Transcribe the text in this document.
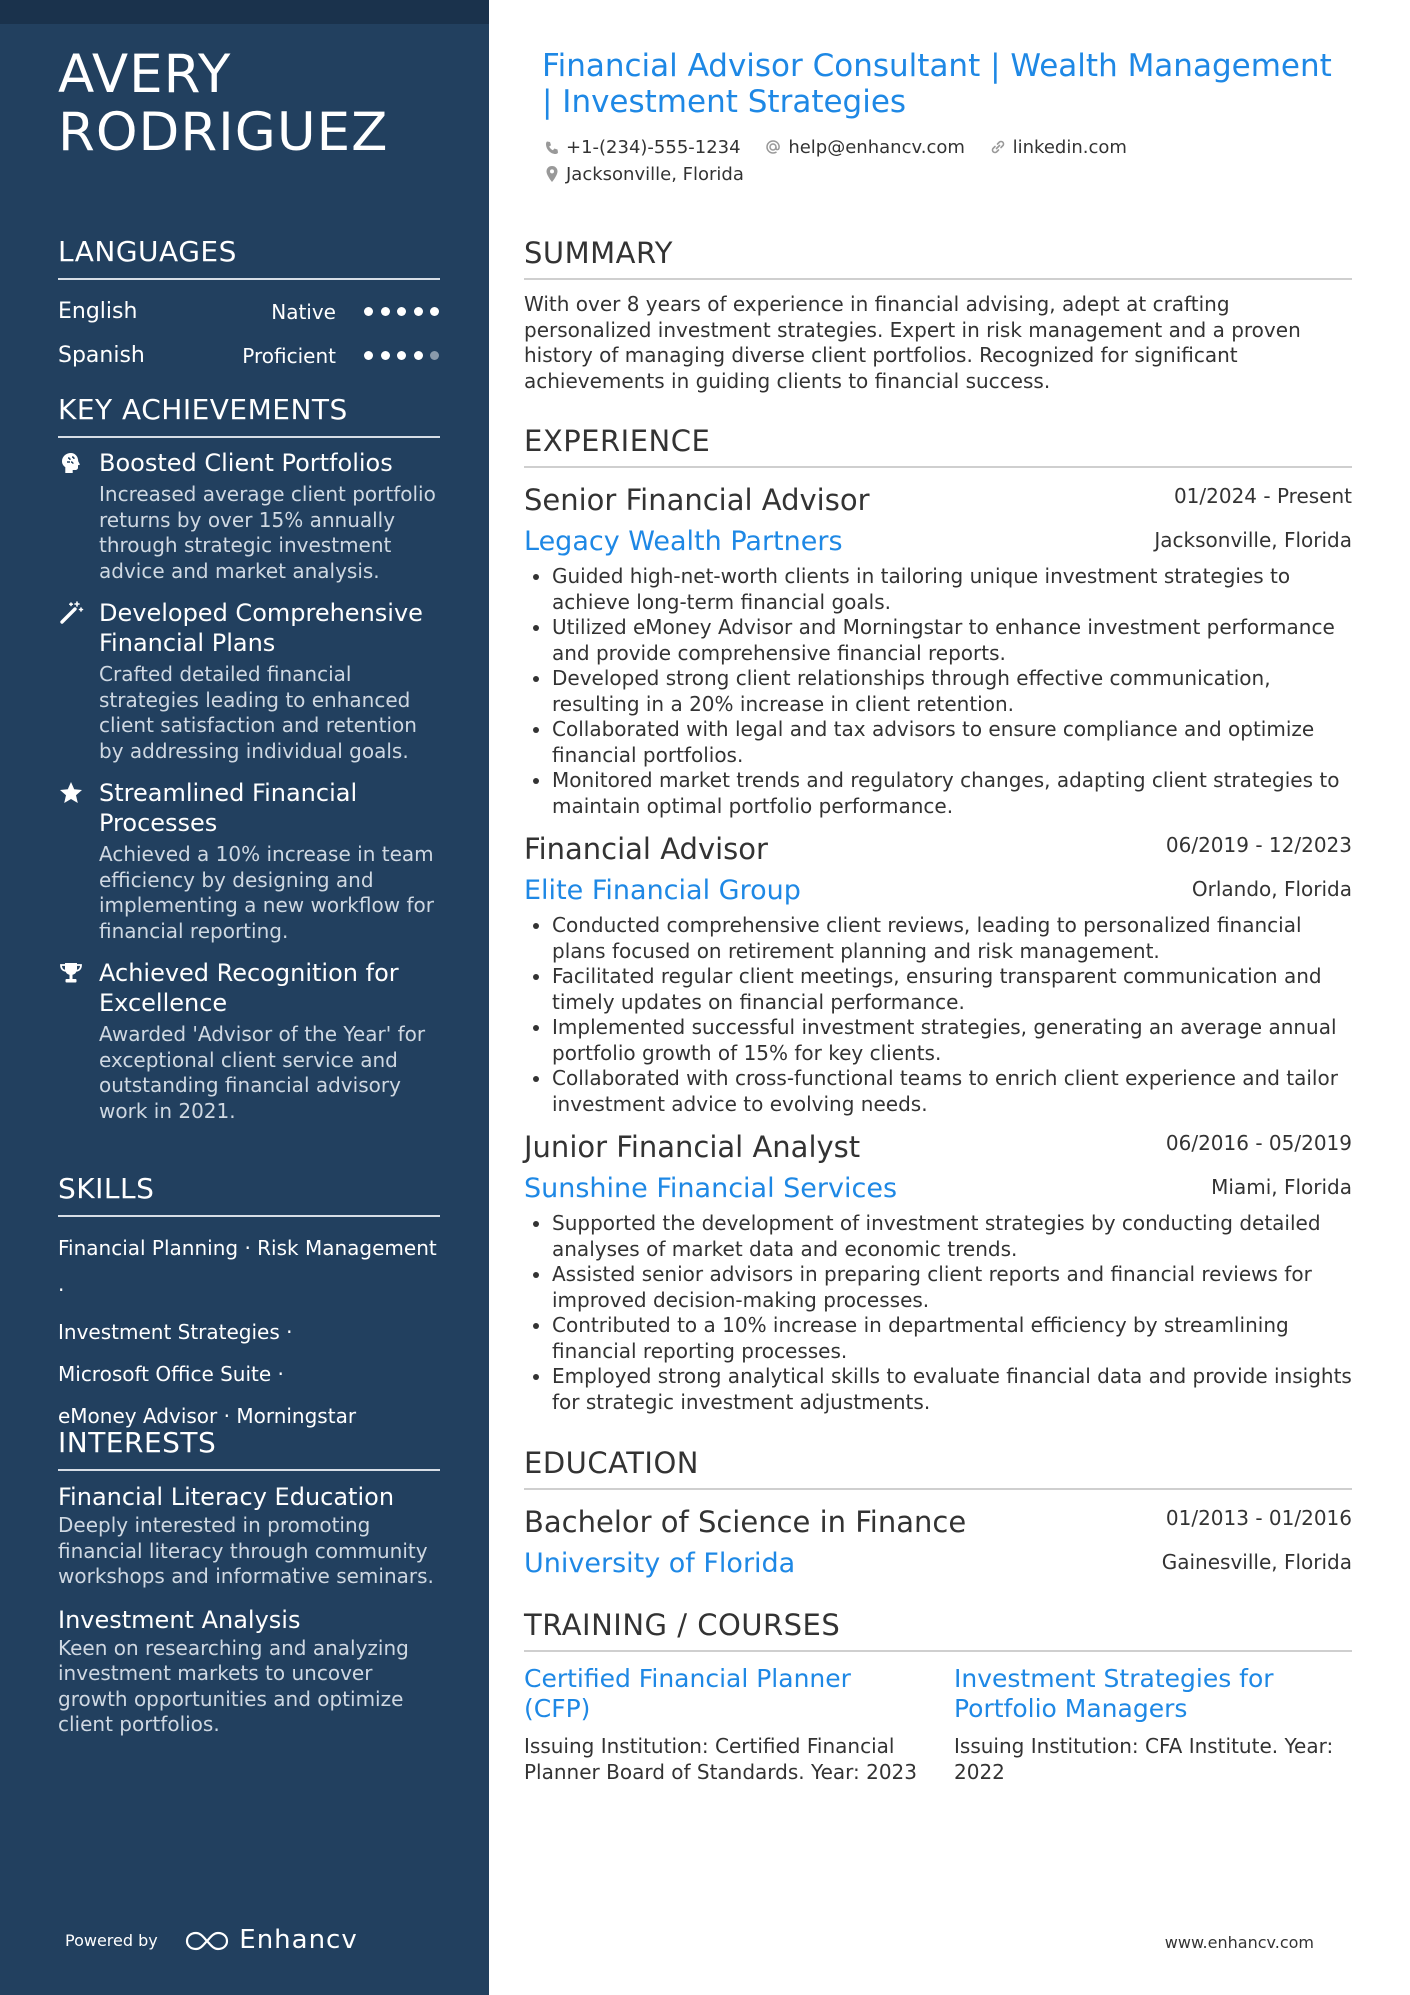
AVERY RODRIGUEZ
LANGUAGES
English	Native
Spanish	Proficient
KEY ACHIEVEMENTS
Boosted Client Portfolios
Increased average client portfolio returns by over 15% annually through strategic investment advice and market analysis.
Developed Comprehensive Financial Plans
Crafted detailed financial strategies leading to enhanced client satisfaction and retention by addressing individual goals.
Streamlined Financial Processes
Achieved a 10% increase in team efficiency by designing and implementing a new workflow for financial reporting.
Achieved Recognition for Excellence
Awarded 'Advisor of the Year' for exceptional client service and outstanding financial advisory work in 2021.
SKILLS
Financial Planning · Risk Management ·
Investment Strategies ·
Microsoft Office Suite ·
eMoney Advisor · Morningstar
INTERESTS
Financial Literacy Education
Deeply interested in promoting financial literacy through community workshops and informative seminars.
Investment Analysis
Keen on researching and analyzing investment markets to uncover growth opportunities and optimize client portfolios.
Powered by	Enhancv
Financial Advisor Consultant | Wealth Management | Investment Strategies
+1-(234)-555-1234	help@enhancv.com	linkedin.com
Jacksonville, Florida
SUMMARY
With over 8 years of experience in financial advising, adept at crafting personalized investment strategies. Expert in risk management and a proven history of managing diverse client portfolios. Recognized for significant achievements in guiding clients to financial success.
EXPERIENCE
Senior Financial Advisor	01/2024 - Present
Legacy Wealth Partners	Jacksonville, Florida
• Guided high-net-worth clients in tailoring unique investment strategies to achieve long-term financial goals.
• Utilized eMoney Advisor and Morningstar to enhance investment performance and provide comprehensive financial reports.
• Developed strong client relationships through effective communication, resulting in a 20% increase in client retention.
• Collaborated with legal and tax advisors to ensure compliance and optimize financial portfolios.
• Monitored market trends and regulatory changes, adapting client strategies to maintain optimal portfolio performance.
Financial Advisor	06/2019 - 12/2023
Elite Financial Group	Orlando, Florida
• Conducted comprehensive client reviews, leading to personalized financial plans focused on retirement planning and risk management.
• Facilitated regular client meetings, ensuring transparent communication and timely updates on financial performance.
• Implemented successful investment strategies, generating an average annual portfolio growth of 15% for key clients.
• Collaborated with cross-functional teams to enrich client experience and tailor investment advice to evolving needs.
Junior Financial Analyst	06/2016 - 05/2019
Sunshine Financial Services	Miami, Florida
• Supported the development of investment strategies by conducting detailed analyses of market data and economic trends.
• Assisted senior advisors in preparing client reports and financial reviews for improved decision-making processes.
• Contributed to a 10% increase in departmental efficiency by streamlining financial reporting processes.
• Employed strong analytical skills to evaluate financial data and provide insights for strategic investment adjustments.
EDUCATION
Bachelor of Science in Finance	01/2013 - 01/2016
University of Florida	Gainesville, Florida
TRAINING / COURSES
Certified Financial Planner (CFP)
Issuing Institution: Certified Financial Planner Board of Standards. Year: 2023
Investment Strategies for Portfolio Managers
Issuing Institution: CFA Institute. Year: 2022
www.enhancv.com
